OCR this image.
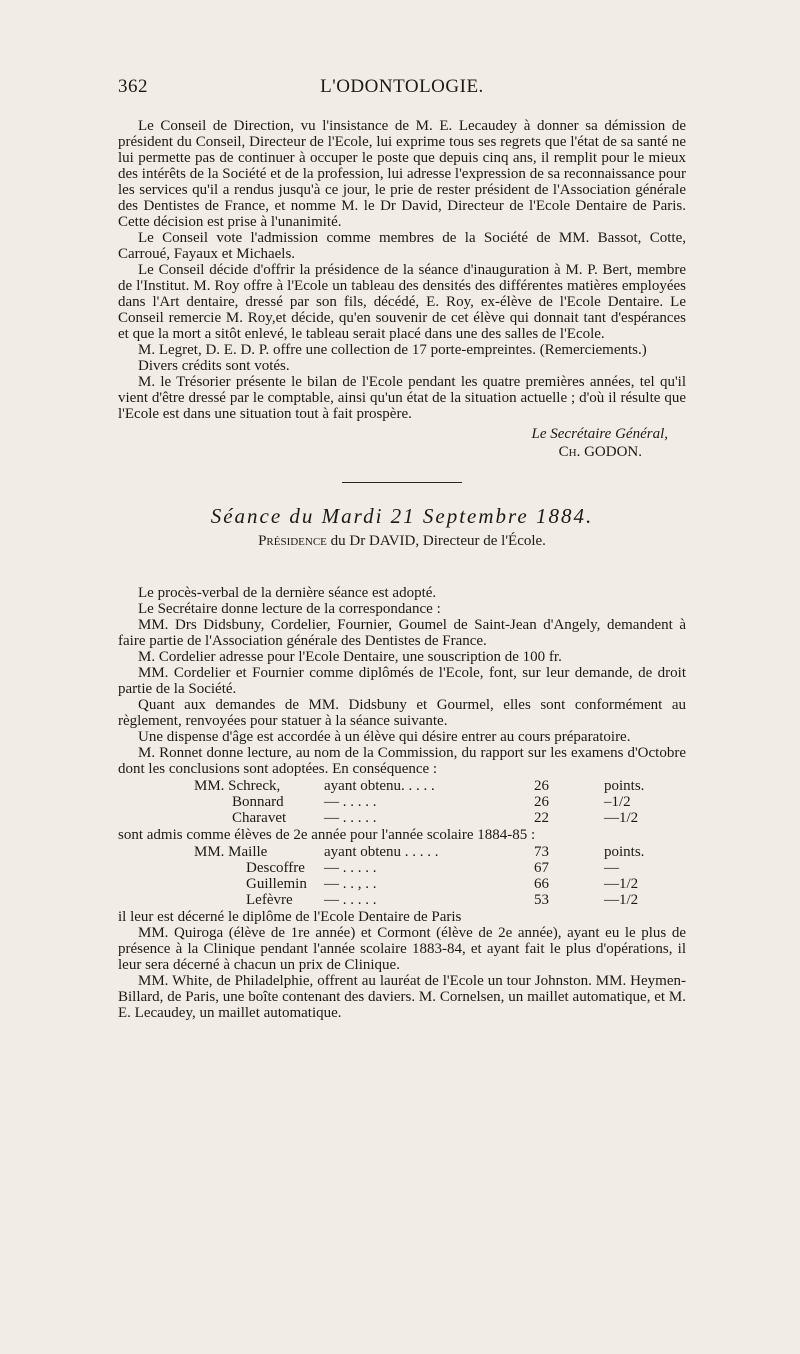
362	L'ODONTOLOGIE.

Le Conseil de Direction, vu l'insistance de M. E. Lecaudey à donner sa démission de président du Conseil, Directeur de l'Ecole, lui exprime tous ses regrets que l'état de sa santé ne lui permette pas de continuer à occuper le poste que depuis cinq ans, il remplit pour le mieux des intérêts de la Société et de la profession, lui adresse l'expression de sa reconnaissance pour les services qu'il a rendus jusqu'à ce jour, le prie de rester président de l'Association générale des Dentistes de France, et nomme M. le Dr David, Directeur de l'Ecole Dentaire de Paris. Cette décision est prise à l'unanimité.

Le Conseil vote l'admission comme membres de la Société de MM. Bassot, Cotte, Carroué, Fayaux et Michaels.

Le Conseil décide d'offrir la présidence de la séance d'inauguration à M. P. Bert, membre de l'Institut. M. Roy offre à l'Ecole un tableau des densités des différentes matières employées dans l'Art dentaire, dressé par son fils, décédé, E. Roy, ex-élève de l'Ecole Dentaire. Le Conseil remercie M. Roy,et décide, qu'en souvenir de cet élève qui donnait tant d'espérances et que la mort a sitôt enlevé, le tableau serait placé dans une des salles de l'Ecole.

M. Legret, D. E. D. P. offre une collection de 17 porte-empreintes. (Remerciements.)

Divers crédits sont votés.

M. le Trésorier présente le bilan de l'Ecole pendant les quatre premières années, tel qu'il vient d'être dressé par le comptable, ainsi qu'un état de la situation actuelle ; d'où il résulte que l'Ecole est dans une situation tout à fait prospère.

Le Secrétaire Général,
Ch. GODON.
Séance du Mardi 21 Septembre 1884.
Présidence du Dr DAVID, Directeur de l'École.

Le procès-verbal de la dernière séance est adopté.

Le Secrétaire donne lecture de la correspondance :

MM. Drs Didsbuny, Cordelier, Fournier, Goumel de Saint-Jean d'Angely, demandent à faire partie de l'Association générale des Dentistes de France.

M. Cordelier adresse pour l'Ecole Dentaire, une souscription de 100 fr.

MM. Cordelier et Fournier comme diplômés de l'Ecole, font, sur leur demande, de droit partie de la Société.

Quant aux demandes de MM. Didsbuny et Gourmel, elles sont conformément au règlement, renvoyées pour statuer à la séance suivante.

Une dispense d'âge est accordée à un élève qui désire entrer au cours préparatoire.

M. Ronnet donne lecture, au nom de la Commission, du rapport sur les examens d'Octobre dont les conclusions sont adoptées. En conséquence :

MM. Schreck,	ayant obtenu. . . . .	26	points.
Bonnard	— . . . . .	26	– 1/2
Charavet	— . . . . .	22	— 1/2

sont admis comme élèves de 2e année pour l'année scolaire 1884-85 :

MM. Maille	ayant obtenu . . . . .	73	points.
Descoffre	— . . . . .	67	—
Guillemin	— . . , . .	66	— 1/2
Lefèvre	— . . . . .	53	— 1/2

il leur est décerné le diplôme de l'Ecole Dentaire de Paris

MM. Quiroga (élève de 1re année) et Cormont (élève de 2e année), ayant eu le plus de présence à la Clinique pendant l'année scolaire 1883-84, et ayant fait le plus d'opérations, il leur sera décerné à chacun un prix de Clinique.

MM. White, de Philadelphie, offrent au lauréat de l'Ecole un tour Johnston. MM. Heymen-Billard, de Paris, une boîte contenant des daviers. M. Cornelsen, un maillet automatique, et M. E. Lecaudey, un maillet automatique.
